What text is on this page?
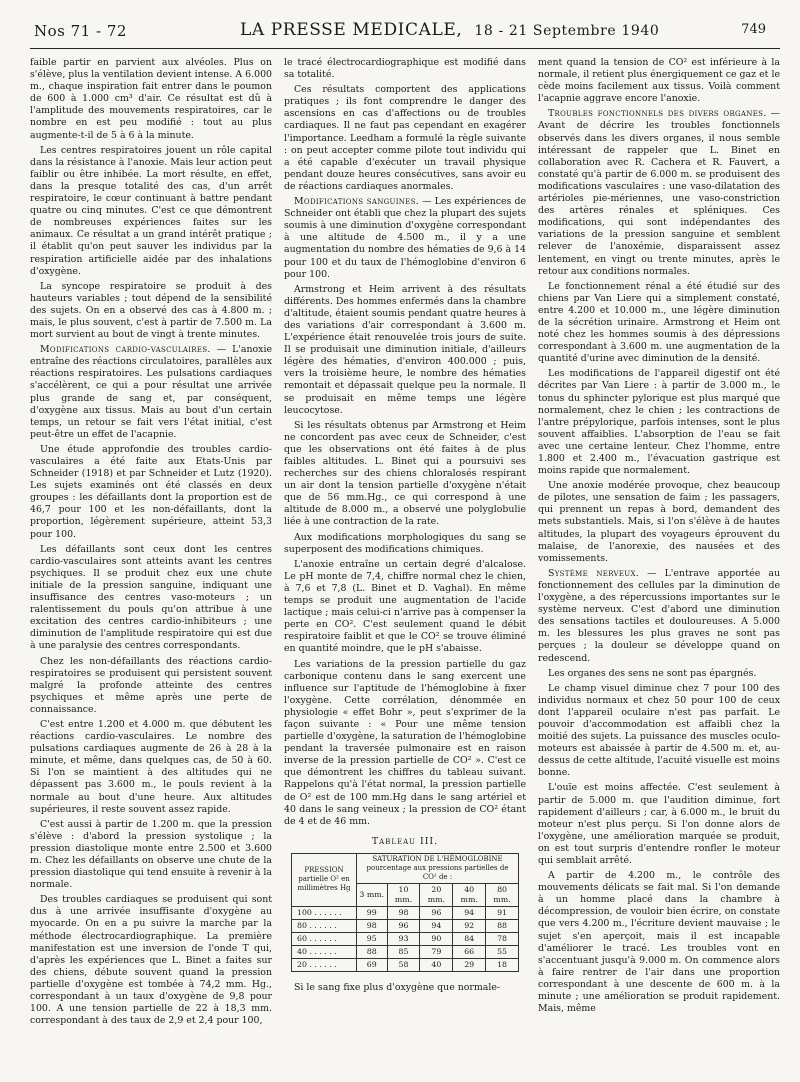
Nos 71 - 72	LA PRESSE MEDICALE, 18 - 21 Septembre 1940	749

faible partir en parvient aux alvéoles. Plus on s'élève, plus la ventilation devient intense. A 6.000 m., chaque inspiration fait entrer dans le poumon de 600 à 1.000 cm³ d'air. Ce résultat est dû à l'amplitude des mouvements respiratoires, car le nombre en est peu modifié : tout au plus augmente-t-il de 5 à 6 à la minute.

Les centres respiratoires jouent un rôle capital dans la résistance à l'anoxie. Mais leur action peut faiblir ou être inhibée. La mort résulte, en effet, dans la presque totalité des cas, d'un arrêt respiratoire, le cœur continuant à battre pendant quatre ou cinq minutes. C'est ce que démontrent de nombreuses expériences faites sur les animaux. Ce résultat a un grand intérêt pratique ; il établit qu'on peut sauver les individus par la respiration artificielle aidée par des inhalations d'oxygène.

La syncope respiratoire se produit à des hauteurs variables ; tout dépend de la sensibilité des sujets. On en a observé des cas à 4.800 m. ; mais, le plus souvent, c'est à partir de 7.500 m. La mort survient au bout de vingt à trente minutes.

Modifications cardio-vasculaires. — L'anoxie entraîne des réactions circulatoires, parallèles aux réactions respiratoires. Les pulsations cardiaques s'accélèrent, ce qui a pour résultat une arrivée plus grande de sang et, par conséquent, d'oxygène aux tissus. Mais au bout d'un certain temps, un retour se fait vers l'état initial, c'est peut-être un effet de l'acapnie.

Une étude approfondie des troubles cardio-vasculaires a été faite aux Etats-Unis par Schneider (1918) et par Schneider et Lutz (1920). Les sujets examinés ont été classés en deux groupes : les défaillants dont la proportion est de 46,7 pour 100 et les non-défaillants, dont la proportion, légèrement supérieure, atteint 53,3 pour 100.

Les défaillants sont ceux dont les centres cardio-vasculaires sont atteints avant les centres psychiques. Il se produit chez eux une chute initiale de la pression sanguine, indiquant une insuffisance des centres vaso-moteurs ; un ralentissement du pouls qu'on attribue à une excitation des centres cardio-inhibiteurs ; une diminution de l'amplitude respiratoire qui est due à une paralysie des centres correspondants.

Chez les non-défaillants des réactions cardio-respiratoires se produisent qui persistent souvent malgré la profonde atteinte des centres psychiques et même après une perte de connaissance.

C'est entre 1.200 et 4.000 m. que débutent les réactions cardio-vasculaires. Le nombre des pulsations cardiaques augmente de 26 à 28 à la minute, et même, dans quelques cas, de 50 à 60. Si l'on se maintient à des altitudes qui ne dépassent pas 3.600 m., le pouls revient à la normale au bout d'une heure. Aux altitudes supérieures, il reste souvent assez rapide.

C'est aussi à partir de 1.200 m. que la pression s'élève : d'abord la pression systolique ; la pression diastolique monte entre 2.500 et 3.600 m. Chez les défaillants on observe une chute de la pression diastolique qui tend ensuite à revenir à la normale.

Des troubles cardiaques se produisent qui sont dus à une arrivée insuffisante d'oxygène au myocarde. On en a pu suivre la marche par la méthode électrocardiographique. La première manifestation est une inversion de l'onde T qui, d'après les expériences que L. Binet a faites sur des chiens, débute souvent quand la pression partielle d'oxygène est tombée à 74,2 mm. Hg., correspondant à un taux d'oxygène de 9,8 pour 100. A une tension partielle de 22 à 18,3 mm. correspondant à des taux de 2,9 et 2,4 pour 100,

le tracé électrocardiographique est modifié dans sa totalité.

Ces résultats comportent des applications pratiques ; ils font comprendre le danger des ascensions en cas d'affections ou de troubles cardiaques. Il ne faut pas cependant en exagérer l'importance. Leedham a formulé la règle suivante : on peut accepter comme pilote tout individu qui a été capable d'exécuter un travail physique pendant douze heures consécutives, sans avoir eu de réactions cardiaques anormales.

Modifications sanguines. — Les expériences de Schneider ont établi que chez la plupart des sujets soumis à une diminution d'oxygène correspondant à une altitude de 4.500 m., il y a une augmentation du nombre des hématies de 9,6 à 14 pour 100 et du taux de l'hémoglobine d'environ 6 pour 100.

Armstrong et Heim arrivent à des résultats différents. Des hommes enfermés dans la chambre d'altitude, étaient soumis pendant quatre heures à des variations d'air correspondant à 3.600 m. L'expérience était renouvelée trois jours de suite. Il se produisait une diminution initiale, d'ailleurs légère des hématies, d'environ 400.000 ; puis, vers la troisième heure, le nombre des hématies remontait et dépassait quelque peu la normale. Il se produisait en même temps une légère leucocytose.

Si les résultats obtenus par Armstrong et Heim ne concordent pas avec ceux de Schneider, c'est que les observations ont été faites à de plus faibles altitudes. L. Binet qui a poursuivi ses recherches sur des chiens chloralosés respirant un air dont la tension partielle d'oxygène n'était que de 56 mm.Hg., ce qui correspond à une altitude de 8.000 m., a observé une polyglobulie liée à une contraction de la rate.

Aux modifications morphologiques du sang se superposent des modifications chimiques.

L'anoxie entraîne un certain degré d'alcalose. Le pH monte de 7,4, chiffre normal chez le chien, à 7,6 et 7,8 (L. Binet et D. Vaghal). En même temps se produit une augmentation de l'acide lactique ; mais celui-ci n'arrive pas à compenser la perte en CO². C'est seulement quand le débit respiratoire faiblit et que le CO² se trouve éliminé en quantité moindre, que le pH s'abaisse.

Les variations de la pression partielle du gaz carbonique contenu dans le sang exercent une influence sur l'aptitude de l'hémoglobine à fixer l'oxygène. Cette corrélation, dénommée en physiologie « effet Bohr », peut s'exprimer de la façon suivante : « Pour une même tension partielle d'oxygène, la saturation de l'hémoglobine pendant la traversée pulmonaire est en raison inverse de la pression partielle de CO² ». C'est ce que démontrent les chiffres du tableau suivant. Rappelons qu'à l'état normal, la pression partielle de O² est de 100 mm.Hg dans le sang artériel et 40 dans le sang veineux ; la pression de CO² étant de 4 et de 46 mm.

Tableau III.
PRESSION partielle O² en millimètres Hg	SATURATION DE L'HÉMOGLOBINE pourcentage aux pressions partielles de CO² de :				
	3 mm.	10 mm.	20 mm.	40 mm.	80 mm.
100 . . . . . .	99	98	96	94	91
80 . . . . . .	98	96	94	92	88
60 . . . . . .	95	93	90	84	78
40 . . . . . .	88	85	79	66	55
20 . . . . . .	69	58	40	29	18

Si le sang fixe plus d'oxygène que normale-

ment quand la tension de CO² est inférieure à la normale, il retient plus énergiquement ce gaz et le cède moins facilement aux tissus. Voilà comment l'acapnie aggrave encore l'anoxie.

Troubles fonctionnels des divers organes. — Avant de décrire les troubles fonctionnels observés dans les divers organes, il nous semble intéressant de rappeler que L. Binet en collaboration avec R. Cachera et R. Fauvert, a constaté qu'à partir de 6.000 m. se produisent des modifications vasculaires : une vaso-dilatation des artérioles pie-mériennes, une vaso-constriction des artères rénales et spléniques. Ces modifications, qui sont indépendantes des variations de la pression sanguine et semblent relever de l'anoxémie, disparaissent assez lentement, en vingt ou trente minutes, après le retour aux conditions normales.

Le fonctionnement rénal a été étudié sur des chiens par Van Liere qui a simplement constaté, entre 4.200 et 10.000 m., une légère diminution de la sécrétion urinaire. Armstrong et Heim ont noté chez les hommes soumis à des dépressions correspondant à 3.600 m. une augmentation de la quantité d'urine avec diminution de la densité.

Les modifications de l'appareil digestif ont été décrites par Van Liere : à partir de 3.000 m., le tonus du sphincter pylorique est plus marqué que normalement, chez le chien ; les contractions de l'antre prépylorique, parfois intenses, sont le plus souvent affaiblies. L'absorption de l'eau se fait avec une certaine lenteur. Chez l'homme, entre 1.800 et 2.400 m., l'évacuation gastrique est moins rapide que normalement.

Une anoxie modérée provoque, chez beaucoup de pilotes, une sensation de faim ; les passagers, qui prennent un repas à bord, demandent des mets substantiels. Mais, si l'on s'élève à de hautes altitudes, la plupart des voyageurs éprouvent du malaise, de l'anorexie, des nausées et des vomissements.

Système nerveux. — L'entrave apportée au fonctionnement des cellules par la diminution de l'oxygène, a des répercussions importantes sur le système nerveux. C'est d'abord une diminution des sensations tactiles et douloureuses. A 5.000 m. les blessures les plus graves ne sont pas perçues ; la douleur se développe quand on redescend.

Les organes des sens ne sont pas épargnés.

Le champ visuel diminue chez 7 pour 100 des individus normaux et chez 50 pour 100 de ceux dont l'appareil oculaire n'est pas parfait. Le pouvoir d'accommodation est affaibli chez la moitié des sujets. La puissance des muscles oculo-moteurs est abaissée à partir de 4.500 m. et, au-dessus de cette altitude, l'acuité visuelle est moins bonne.

L'ouïe est moins affectée. C'est seulement à partir de 5.000 m. que l'audition diminue, fort rapidement d'ailleurs ; car, à 6.000 m., le bruit du moteur n'est plus perçu. Si l'on donne alors de l'oxygène, une amélioration marquée se produit, on est tout surpris d'entendre ronfler le moteur qui semblait arrêté.

A partir de 4.200 m., le contrôle des mouvements délicats se fait mal. Si l'on demande à un homme placé dans la chambre à décompression, de vouloir bien écrire, on constate que vers 4.200 m., l'écriture devient mauvaise ; le sujet s'en aperçoit, mais il est incapable d'améliorer le tracé. Les troubles vont en s'accentuant jusqu'à 9.000 m. On commence alors à faire rentrer de l'air dans une proportion correspondant à une descente de 600 m. à la minute ; une amélioration se produit rapidement. Mais, même
